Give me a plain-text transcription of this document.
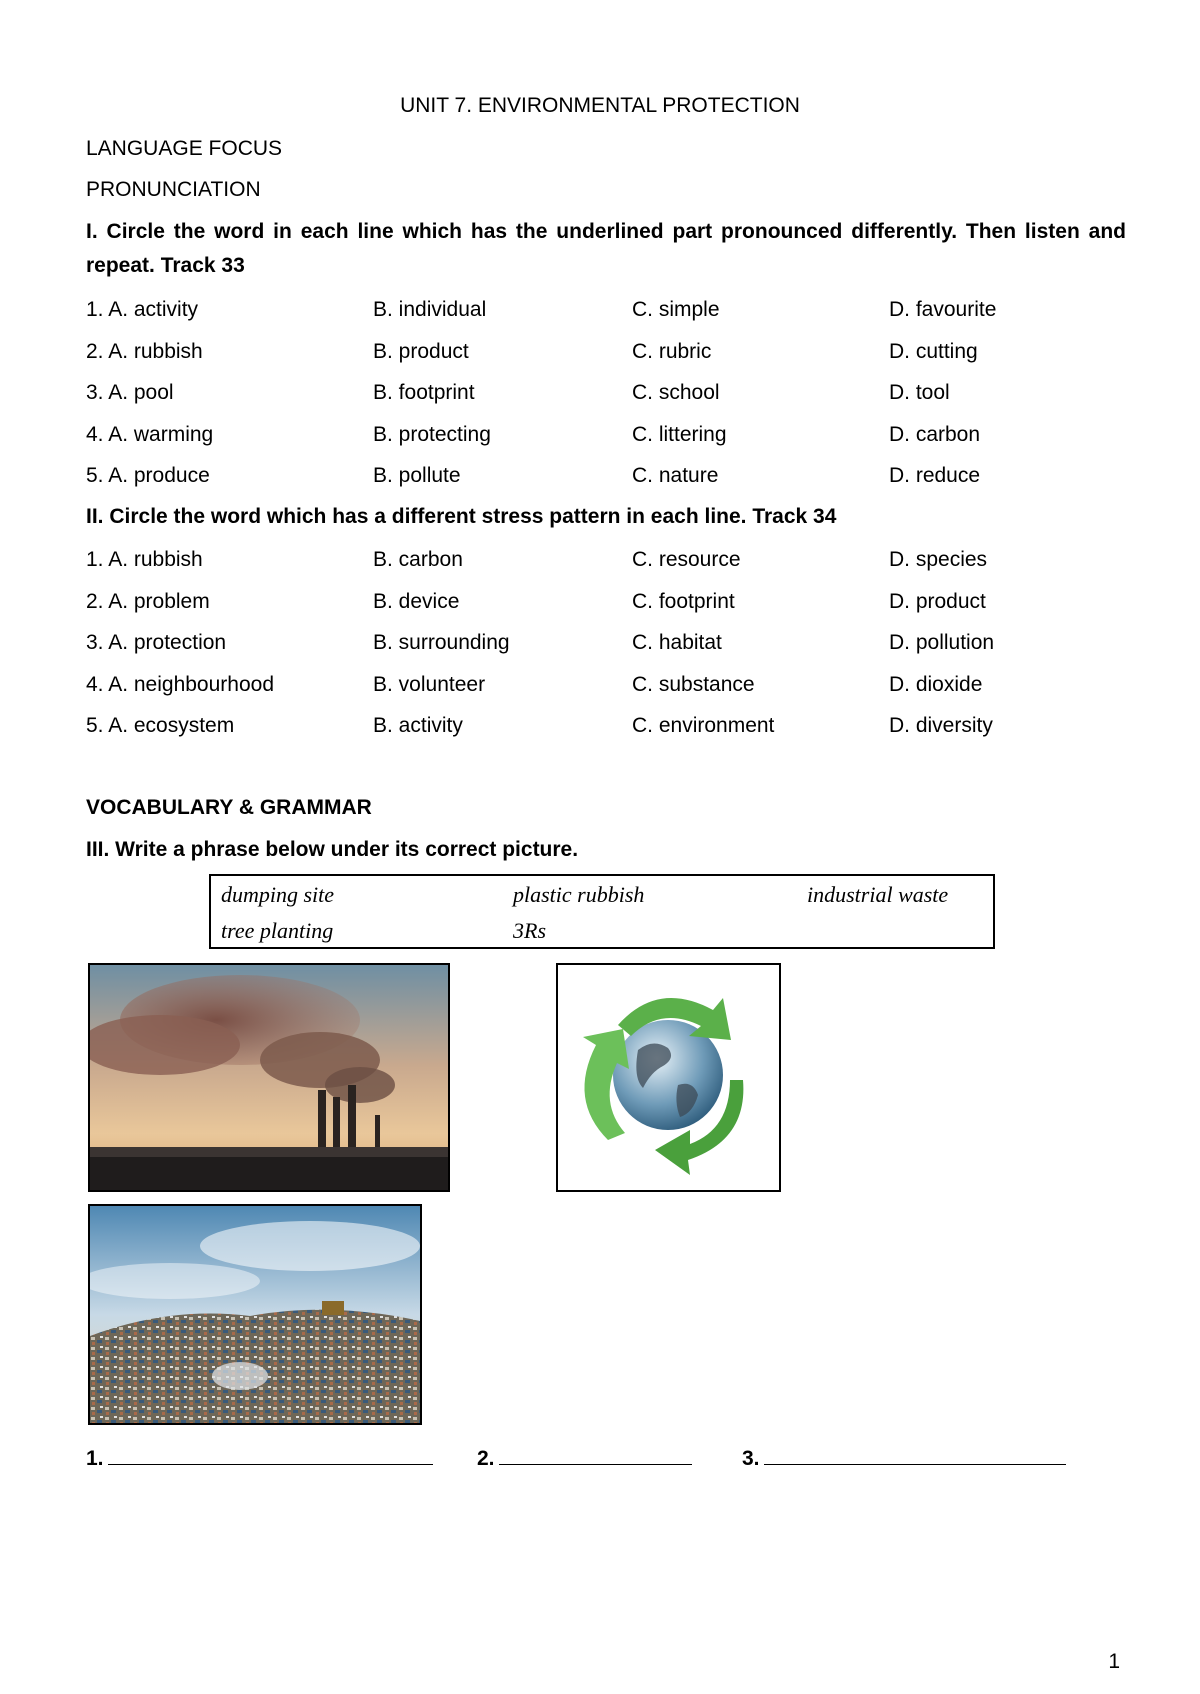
UNIT 7. ENVIRONMENTAL PROTECTION
LANGUAGE FOCUS
PRONUNCIATION
I. Circle the word in each line which has the underlined part pronounced differently. Then listen and repeat. Track 33
1. A. activity	B. individual	C. simple	D. favourite
2. A. rubbish	B. product	C. rubric	D. cutting
3. A. pool	B. footprint	C. school	D. tool
4. A. warming	B. protecting	C. littering	D. carbon
5. A. produce	B. pollute	C. nature	D. reduce
II. Circle the word which has a different stress pattern in each line. Track 34
1. A. rubbish	B. carbon	C. resource	D. species
2. A. problem	B. device	C. footprint	D. product
3. A. protection	B. surrounding	C. habitat	D. pollution
4. A. neighbourhood	B. volunteer	C. substance	D. dioxide
5. A. ecosystem	B. activity	C. environment	D. diversity
VOCABULARY & GRAMMAR
III. Write a phrase below under its correct picture.
dumping site	plastic rubbish	industrial waste
tree planting	3Rs
1.	2.	3.
1
